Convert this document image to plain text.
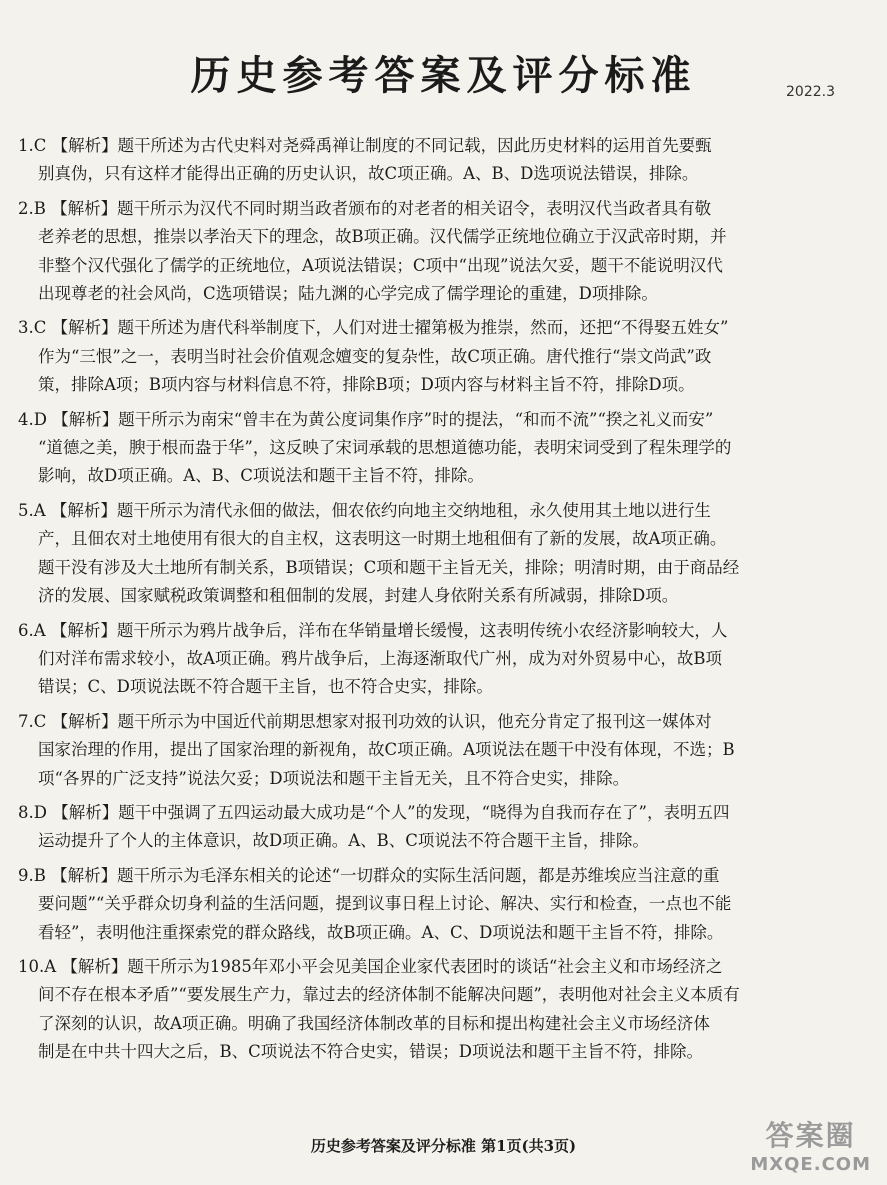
历史参考答案及评分标准	2022.3
1.C 【解析】题干所述为古代史料对尧舜禹禅让制度的不同记载，因此历史材料的运用首先要甄
别真伪，只有这样才能得出正确的历史认识，故C项正确。A、B、D选项说法错误，排除。
2.B 【解析】题干所示为汉代不同时期当政者颁布的对老者的相关诏令，表明汉代当政者具有敬
老养老的思想，推崇以孝治天下的理念，故B项正确。汉代儒学正统地位确立于汉武帝时期，并
非整个汉代强化了儒学的正统地位，A项说法错误；C项中“出现”说法欠妥，题干不能说明汉代
出现尊老的社会风尚，C选项错误；陆九渊的心学完成了儒学理论的重建，D项排除。
3.C 【解析】题干所述为唐代科举制度下，人们对进士擢第极为推崇，然而，还把“不得娶五姓女”
作为“三恨”之一，表明当时社会价值观念嬗变的复杂性，故C项正确。唐代推行“崇文尚武”政
策，排除A项；B项内容与材料信息不符，排除B项；D项内容与材料主旨不符，排除D项。
4.D 【解析】题干所示为南宋“曾丰在为黄公度词集作序”时的提法，“和而不流”“揆之礼义而安”
“道德之美，腴于根而盎于华”，这反映了宋词承载的思想道德功能，表明宋词受到了程朱理学的
影响，故D项正确。A、B、C项说法和题干主旨不符，排除。
5.A 【解析】题干所示为清代永佃的做法，佃农依约向地主交纳地租，永久使用其土地以进行生
产，且佃农对土地使用有很大的自主权，这表明这一时期土地租佃有了新的发展，故A项正确。
题干没有涉及大土地所有制关系，B项错误；C项和题干主旨无关，排除；明清时期，由于商品经
济的发展、国家赋税政策调整和租佃制的发展，封建人身依附关系有所减弱，排除D项。
6.A 【解析】题干所示为鸦片战争后，洋布在华销量增长缓慢，这表明传统小农经济影响较大，人
们对洋布需求较小，故A项正确。鸦片战争后，上海逐渐取代广州，成为对外贸易中心，故B项
错误；C、D项说法既不符合题干主旨，也不符合史实，排除。
7.C 【解析】题干所示为中国近代前期思想家对报刊功效的认识，他充分肯定了报刊这一媒体对
国家治理的作用，提出了国家治理的新视角，故C项正确。A项说法在题干中没有体现，不选；B
项“各界的广泛支持”说法欠妥；D项说法和题干主旨无关，且不符合史实，排除。
8.D 【解析】题干中强调了五四运动最大成功是“个人”的发现，“晓得为自我而存在了”，表明五四
运动提升了个人的主体意识，故D项正确。A、B、C项说法不符合题干主旨，排除。
9.B 【解析】题干所示为毛泽东相关的论述“一切群众的实际生活问题，都是苏维埃应当注意的重
要问题”“关乎群众切身利益的生活问题，提到议事日程上讨论、解决、实行和检查，一点也不能
看轻”，表明他注重探索党的群众路线，故B项正确。A、C、D项说法和题干主旨不符，排除。
10.A 【解析】题干所示为1985年邓小平会见美国企业家代表团时的谈话“社会主义和市场经济之
间不存在根本矛盾”“要发展生产力，靠过去的经济体制不能解决问题”，表明他对社会主义本质有
了深刻的认识，故A项正确。明确了我国经济体制改革的目标和提出构建社会主义市场经济体
制是在中共十四大之后，B、C项说法不符合史实，错误；D项说法和题干主旨不符，排除。
历史参考答案及评分标准 第1页(共3页)	答案圈
MXQE.COM
